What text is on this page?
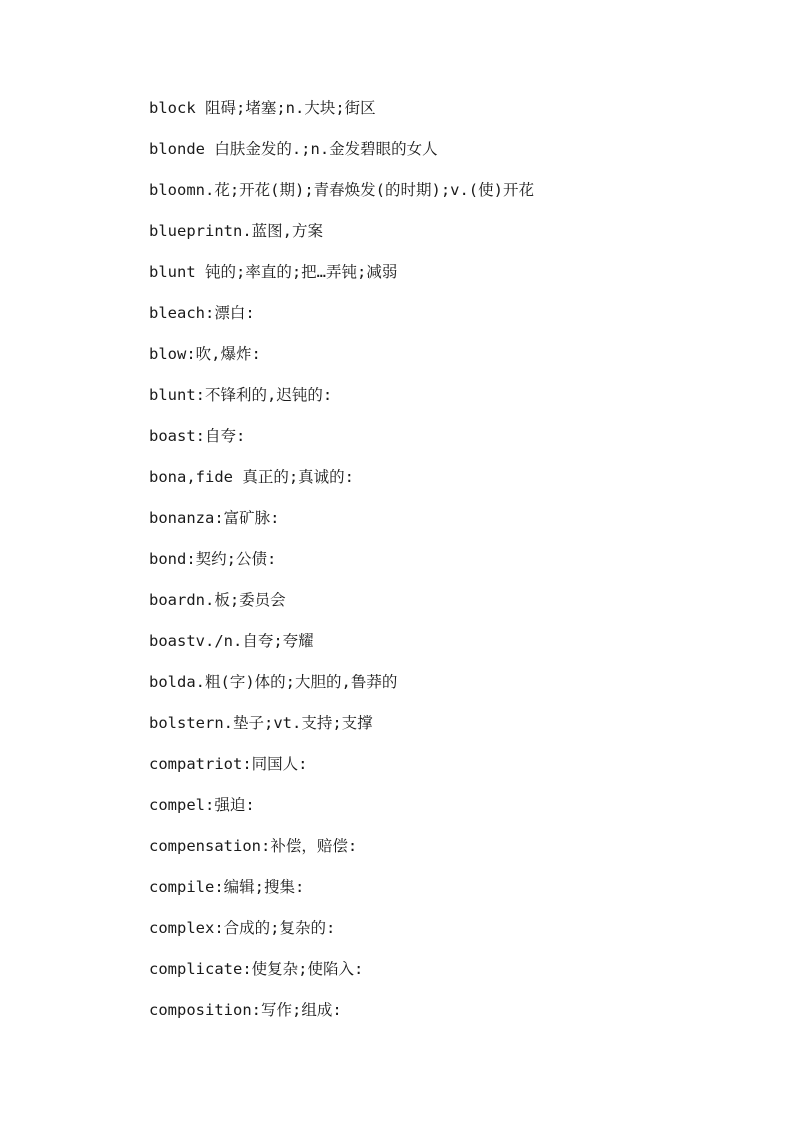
block 阻碍;堵塞;n.大块;街区
blonde 白肤金发的.;n.金发碧眼的女人
bloomn.花;开花(期);青春焕发(的时期);v.(使)开花
blueprintn.蓝图,方案
blunt 钝的;率直的;把…弄钝;减弱
bleach:漂白:
blow:吹,爆炸:
blunt:不锋利的,迟钝的:
boast:自夸:
bona,fide 真正的;真诚的:
bonanza:富矿脉:
bond:契约;公债:
boardn.板;委员会
boastv./n.自夸;夸耀
bolda.粗(字)体的;大胆的,鲁莽的
bolstern.垫子;vt.支持;支撑
compatriot:同国人:
compel:强迫:
compensation:补偿，赔偿:
compile:编辑;搜集:
complex:合成的;复杂的:
complicate:使复杂;使陷入:
composition:写作;组成:
